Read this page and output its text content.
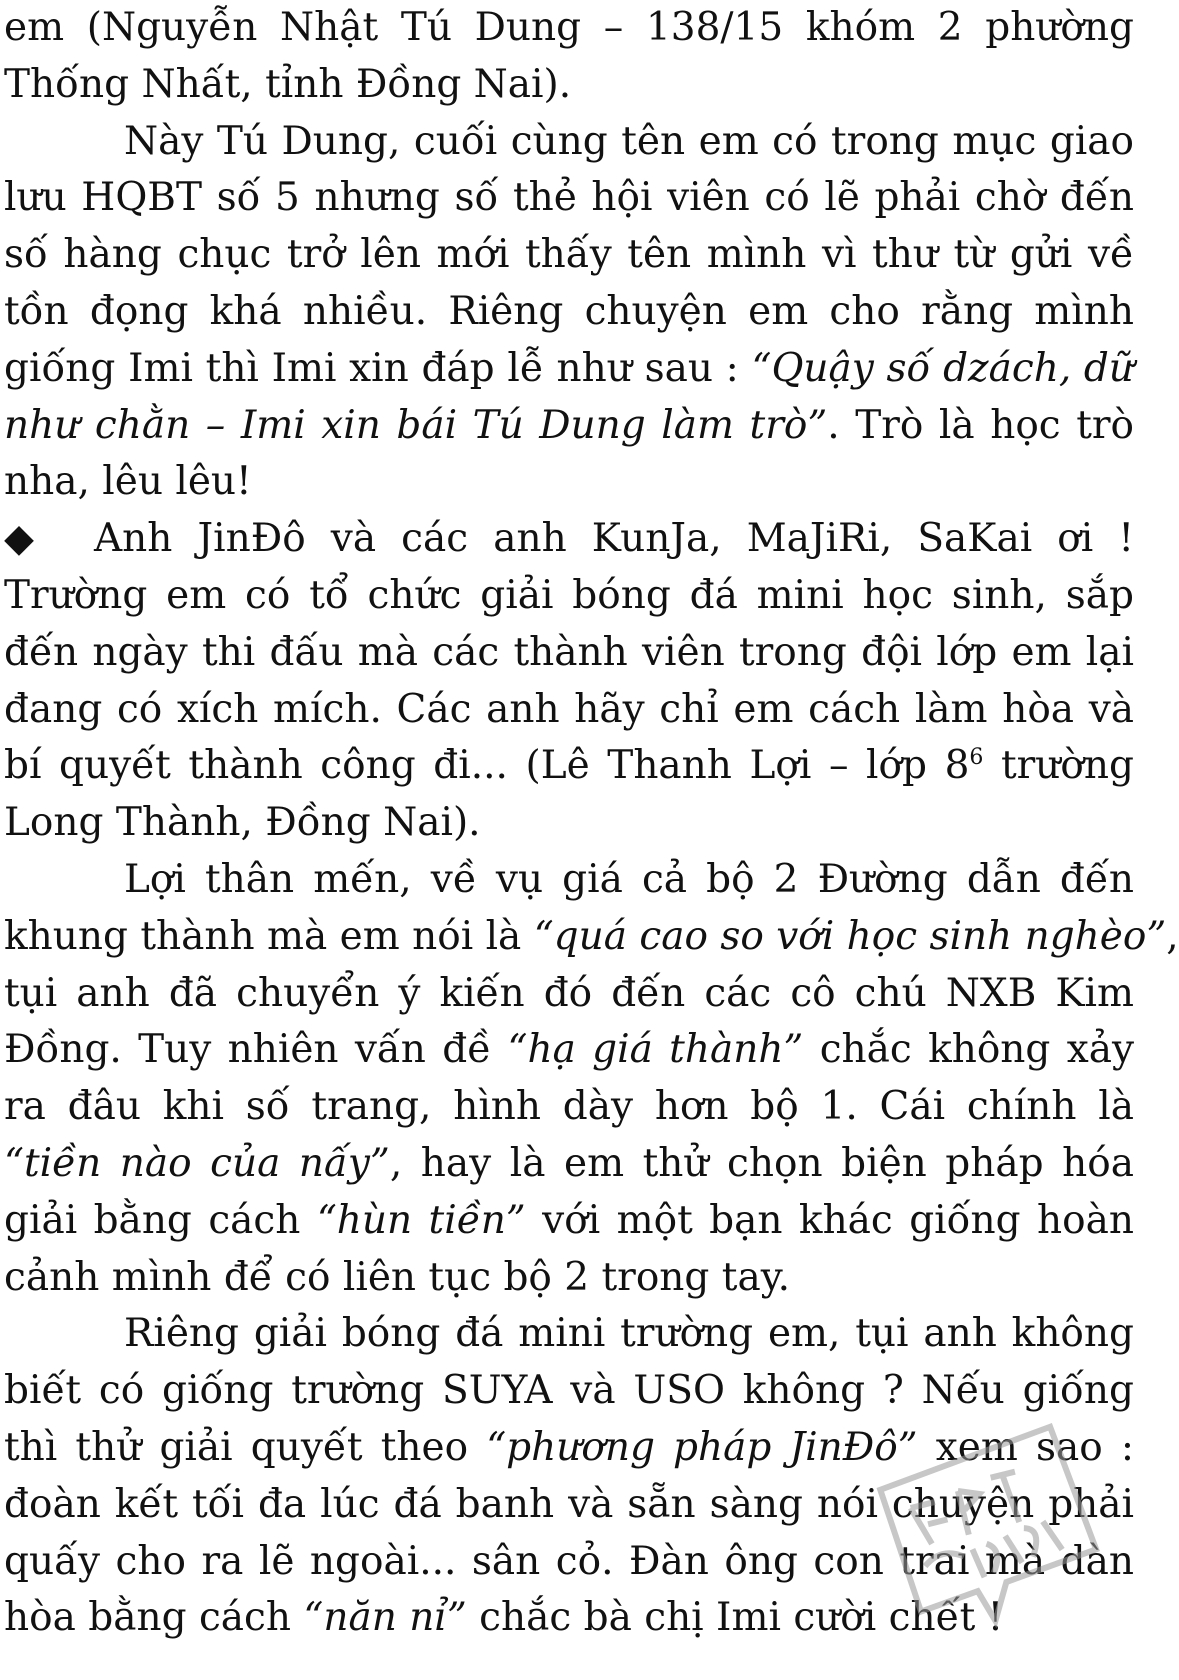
em (Nguyễn Nhật Tú Dung – 138/15 khóm 2 phường
Thống Nhất, tỉnh Đồng Nai).
Này Tú Dung, cuối cùng tên em có trong mục giao
lưu HQBT số 5 nhưng số thẻ hội viên có lẽ phải chờ đến
số hàng chục trở lên mới thấy tên mình vì thư từ gửi về
tồn đọng khá nhiều. Riêng chuyện em cho rằng mình
giống Imi thì Imi xin đáp lễ như sau : “Quậy số dzách, dữ
như chằn – Imi xin bái Tú Dung làm trò”. Trò là học trò
nha, lêu lêu!
◆ Anh JinĐô và các anh KunJa, MaJiRi, SaKai ơi !
Trường em có tổ chức giải bóng đá mini học sinh, sắp
đến ngày thi đấu mà các thành viên trong đội lớp em lại
đang có xích mích. Các anh hãy chỉ em cách làm hòa và
bí quyết thành công đi... (Lê Thanh Lợi – lớp $8^6$ trường
Long Thành, Đồng Nai).
Lợi thân mến, về vụ giá cả bộ 2 Đường dẫn đến
khung thành mà em nói là “quá cao so với học sinh nghèo”,
tụi anh đã chuyển ý kiến đó đến các cô chú NXB Kim
Đồng. Tuy nhiên vấn đề “hạ giá thành” chắc không xảy
ra đâu khi số trang, hình dày hơn bộ 1. Cái chính là
“tiền nào của nấy”, hay là em thử chọn biện pháp hóa
giải bằng cách “hùn tiền” với một bạn khác giống hoàn
cảnh mình để có liên tục bộ 2 trong tay.
Riêng giải bóng đá mini trường em, tụi anh không
biết có giống trường SUYA và USO không ? Nếu giống
thì thử giải quyết theo “phương pháp JinĐô” xem sao :
đoàn kết tối đa lúc đá banh và sẵn sàng nói chuyện phải
quấy cho ra lẽ ngoài... sân cỏ. Đàn ông con trai mà dàn
hòa bằng cách “năn nỉ” chắc bà chị Imi cười chết !
